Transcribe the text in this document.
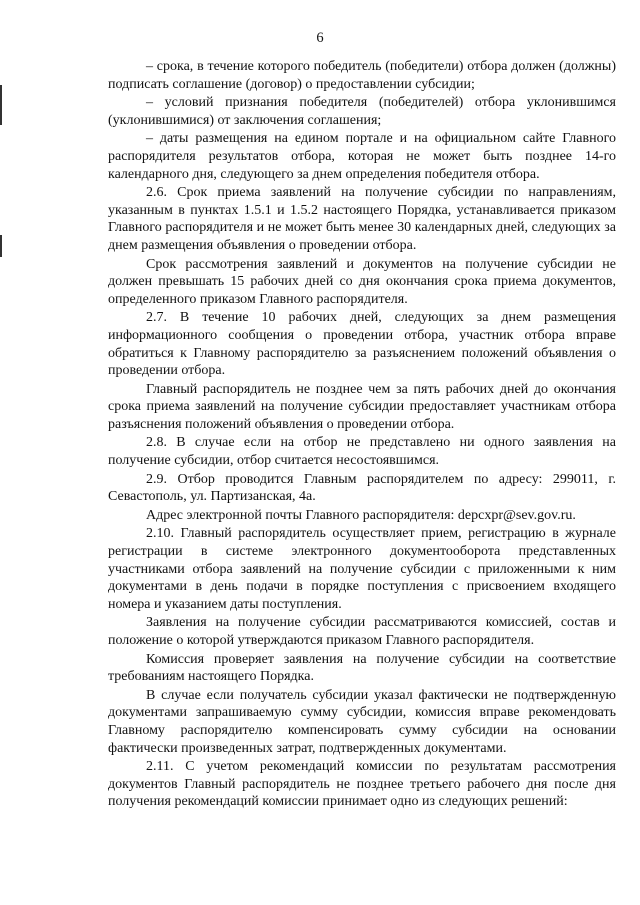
6

– срока, в течение которого победитель (победители) отбора должен (должны) подписать соглашение (договор) о предоставлении субсидии;

– условий признания победителя (победителей) отбора уклонившимся (уклонившимися) от заключения соглашения;

– даты размещения на едином портале и на официальном сайте Главного распорядителя результатов отбора, которая не может быть позднее 14-го календарного дня, следующего за днем определения победителя отбора.

2.6. Срок приема заявлений на получение субсидии по направлениям, указанным в пунктах 1.5.1 и 1.5.2 настоящего Порядка, устанавливается приказом Главного распорядителя и не может быть менее 30 календарных дней, следующих за днем размещения объявления о проведении отбора.

Срок рассмотрения заявлений и документов на получение субсидии не должен превышать 15 рабочих дней со дня окончания срока приема документов, определенного приказом Главного распорядителя.

2.7. В течение 10 рабочих дней, следующих за днем размещения информационного сообщения о проведении отбора, участник отбора вправе обратиться к Главному распорядителю за разъяснением положений объявления о проведении отбора.

Главный распорядитель не позднее чем за пять рабочих дней до окончания срока приема заявлений на получение субсидии предоставляет участникам отбора разъяснения положений объявления о проведении отбора.

2.8. В случае если на отбор не представлено ни одного заявления на получение субсидии, отбор считается несостоявшимся.

2.9. Отбор проводится Главным распорядителем по адресу: 299011, г. Севастополь, ул. Партизанская, 4а.

Адрес электронной почты Главного распорядителя: depcxpr@sev.gov.ru.

2.10. Главный распорядитель осуществляет прием, регистрацию в журнале регистрации в системе электронного документооборота представленных участниками отбора заявлений на получение субсидии с приложенными к ним документами в день подачи в порядке поступления с присвоением входящего номера и указанием даты поступления.

Заявления на получение субсидии рассматриваются комиссией, состав и положение о которой утверждаются приказом Главного распорядителя.

Комиссия проверяет заявления на получение субсидии на соответствие требованиям настоящего Порядка.

В случае если получатель субсидии указал фактически не подтвержденную документами запрашиваемую сумму субсидии, комиссия вправе рекомендовать Главному распорядителю компенсировать сумму субсидии на основании фактически произведенных затрат, подтвержденных документами.

2.11. С учетом рекомендаций комиссии по результатам рассмотрения документов Главный распорядитель не позднее третьего рабочего дня после дня получения рекомендаций комиссии принимает одно из следующих решений:
